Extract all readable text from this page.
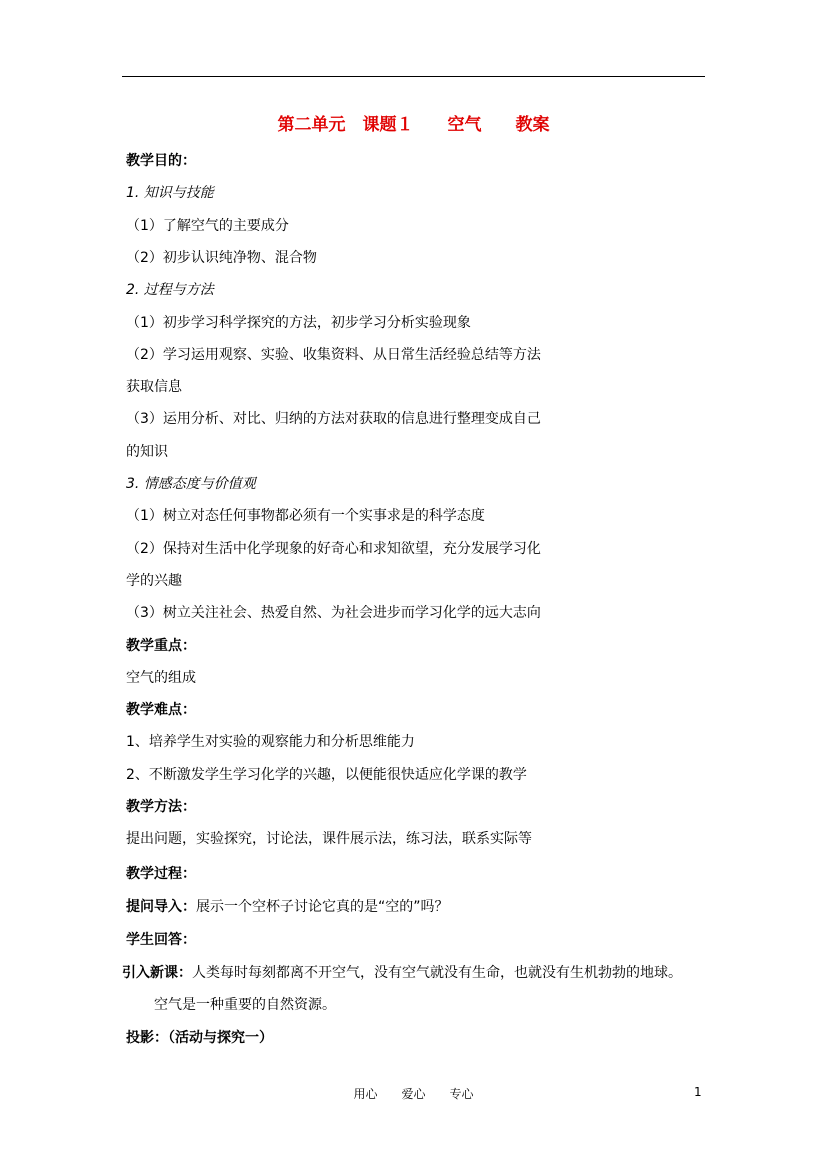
第二单元　课题１　　空气　　教案
教学目的：
1. 知识与技能
（1）了解空气的主要成分
（2）初步认识纯净物、混合物
2. 过程与方法
（1）初步学习科学探究的方法，初步学习分析实验现象
（2）学习运用观察、实验、收集资料、从日常生活经验总结等方法
获取信息
（3）运用分析、对比、归纳的方法对获取的信息进行整理变成自己
的知识
3. 情感态度与价值观
（1）树立对态任何事物都必须有一个实事求是的科学态度
（2）保持对生活中化学现象的好奇心和求知欲望，充分发展学习化
学的兴趣
（3）树立关注社会、热爱自然、为社会进步而学习化学的远大志向
教学重点：
空气的组成
教学难点：
1、培养学生对实验的观察能力和分析思维能力
2、不断激发学生学习化学的兴趣，以便能很快适应化学课的教学
教学方法：
提出问题，实验探究，讨论法，课件展示法，练习法，联系实际等
教学过程：
提问导入：展示一个空杯子讨论它真的是“空的”吗？
学生回答：
引入新课：人类每时每刻都离不开空气，没有空气就没有生命，也就没有生机勃勃的地球。
空气是一种重要的自然资源。
投影：（活动与探究一）
用心　　爱心　　专心	1
